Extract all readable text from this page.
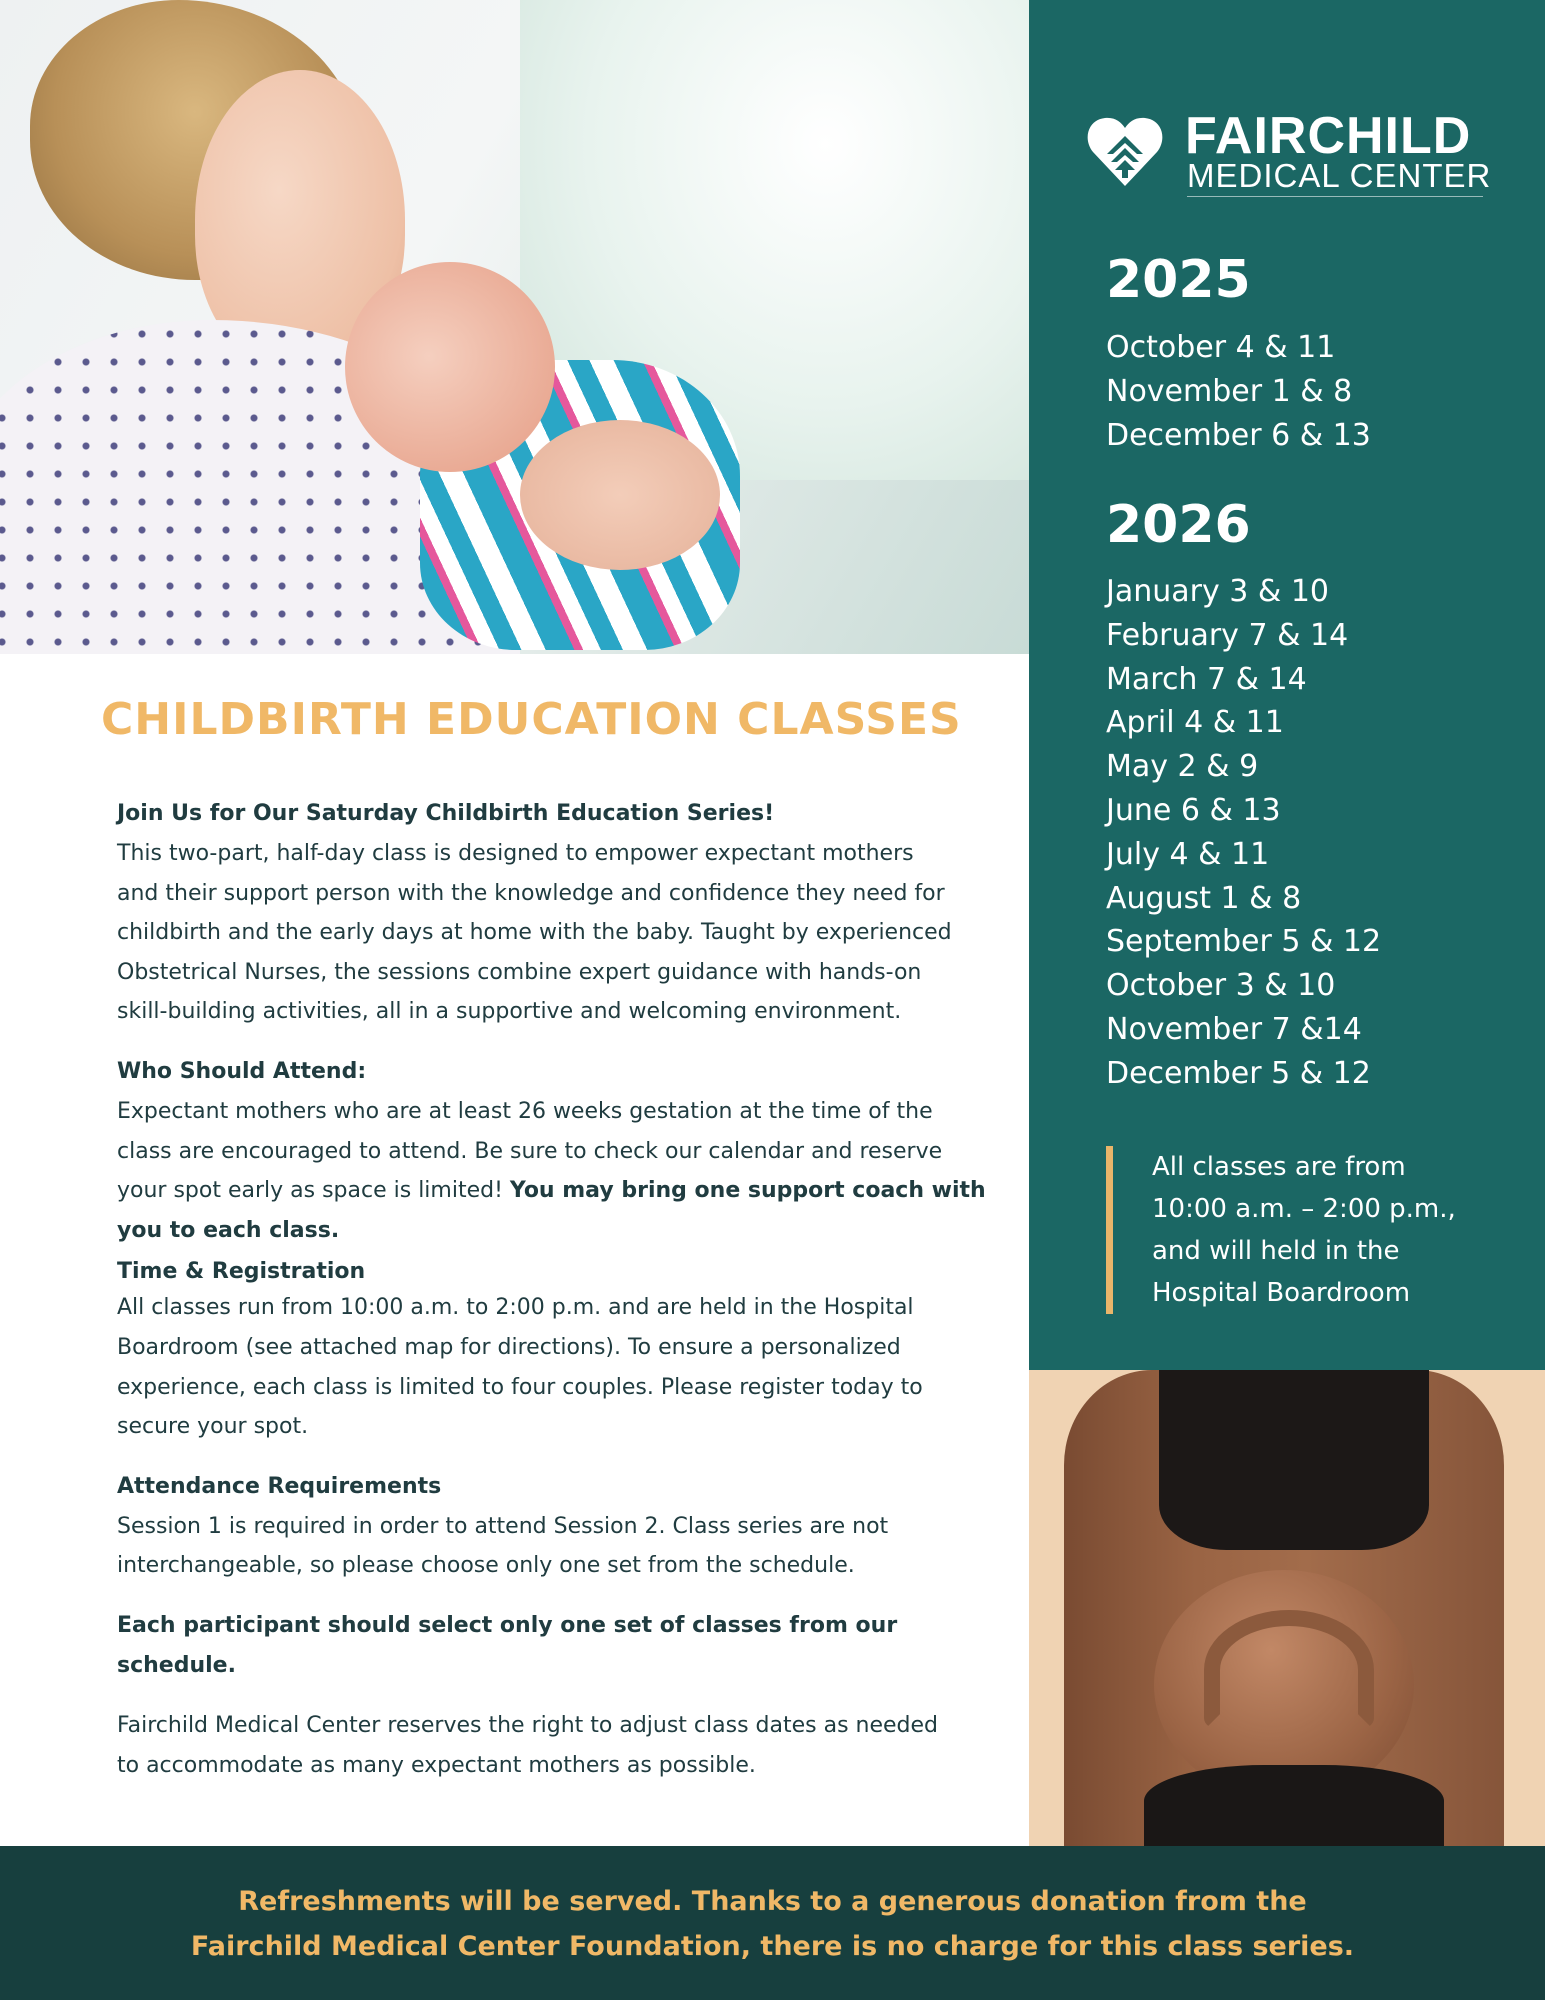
FAIRCHILD
MEDICAL CENTER
2025
October 4 & 11
November 1 & 8
December 6 & 13
2026
January 3 & 10
February 7 & 14
March 7 & 14
April 4 & 11
May 2 & 9
June 6 & 13
July 4 & 11
August 1 & 8
September 5 & 12
October 3 & 10
November 7 &14
December 5 & 12
All classes are from
10:00 a.m. – 2:00 p.m.,
and will held in the
Hospital Boardroom
CHILDBIRTH EDUCATION CLASSES
Join Us for Our Saturday Childbirth Education Series!

This two-part, half-day class is designed to empower expectant mothers

and their support person with the knowledge and confidence they need for

childbirth and the early days at home with the baby. Taught by experienced

Obstetrical Nurses, the sessions combine expert guidance with hands-on

skill-building activities, all in a supportive and welcoming environment.

Who Should Attend:

Expectant mothers who are at least 26 weeks gestation at the time of the

class are encouraged to attend. Be sure to check our calendar and reserve

your spot early as space is limited! You may bring one support coach with

you to each class.

Time & Registration

All classes run from 10:00 a.m. to 2:00 p.m. and are held in the Hospital

Boardroom (see attached map for directions). To ensure a personalized

experience, each class is limited to four couples. Please register today to

secure your spot.

Attendance Requirements

Session 1 is required in order to attend Session 2. Class series are not

interchangeable, so please choose only one set from the schedule.

Each participant should select only one set of classes from our schedule.

Fairchild Medical Center reserves the right to adjust class dates as needed

to accommodate as many expectant mothers as possible.

Refreshments will be served. Thanks to a generous donation from the
Fairchild Medical Center Foundation, there is no charge for this class series.
